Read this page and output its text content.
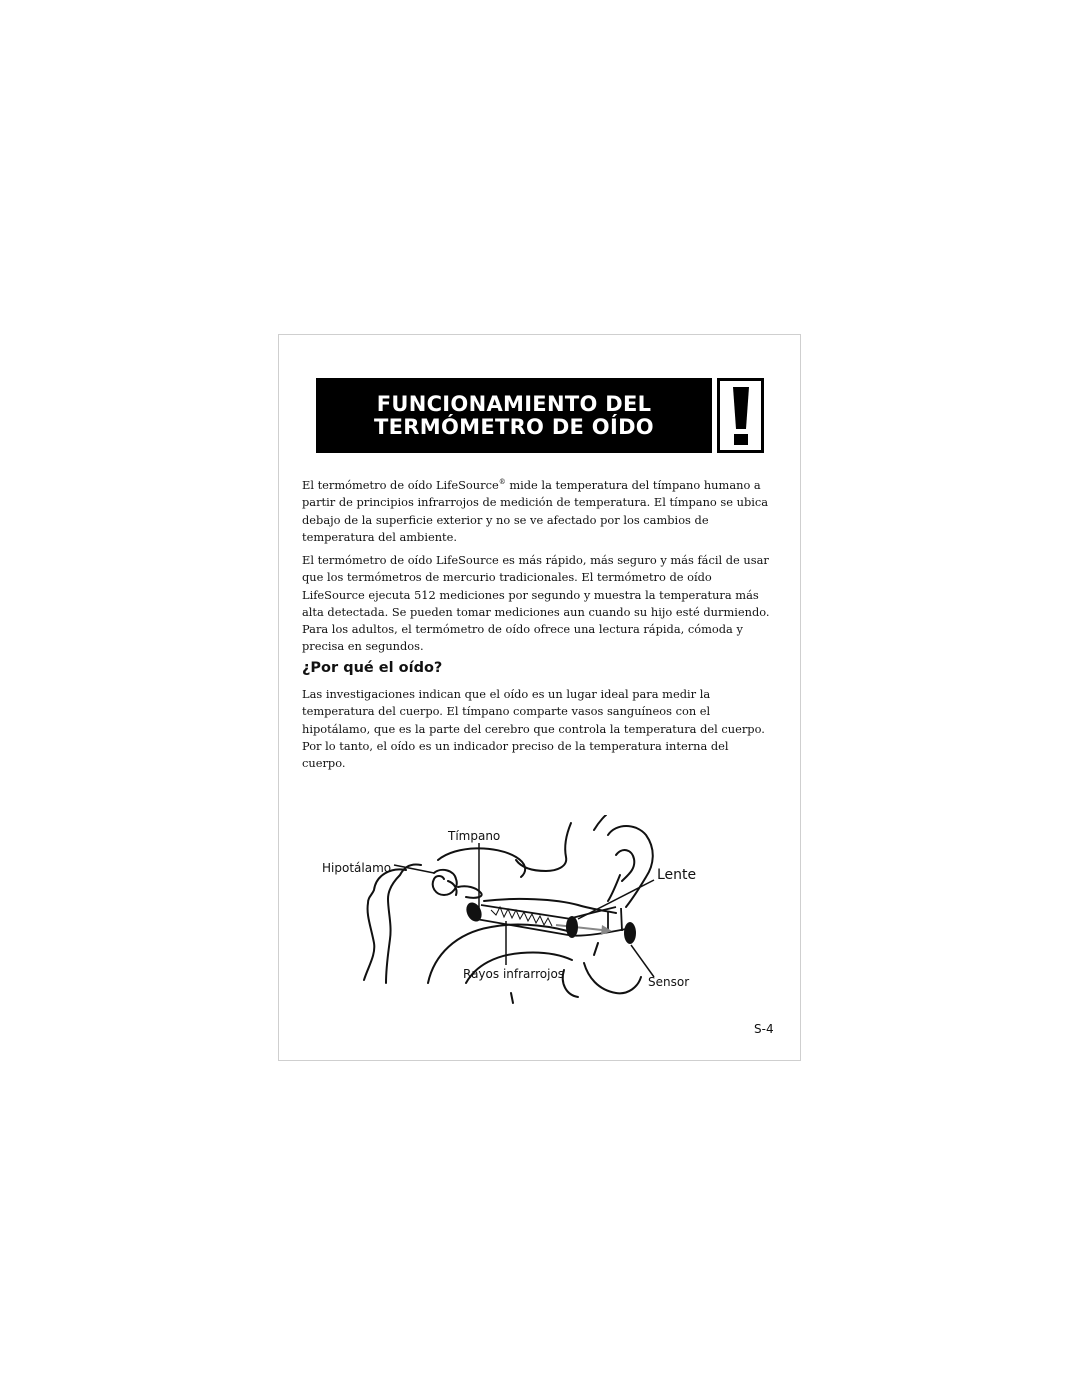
FUNCIONAMIENTO DEL
TERMÓMETRO DE OÍDO

El termómetro de oído LifeSource® mide la temperatura del tímpano humano a partir de principios infrarrojos de medición de temperatura. El tímpano se ubica debajo de la superficie exterior y no se ve afectado por los cambios de temperatura del ambiente.

El termómetro de oído LifeSource es más rápido, más seguro y más fácil de usar que los termómetros de mercurio tradicionales. El termómetro de oído LifeSource ejecuta 512 mediciones por segundo y muestra la temperatura más alta detectada. Se pueden tomar mediciones aun cuando su hijo esté durmiendo. Para los adultos, el termómetro de oído ofrece una lectura rápida, cómoda y precisa en segundos.

¿Por qué el oído?

Las investigaciones indican que el oído es un lugar ideal para medir la temperatura del cuerpo. El tímpano comparte vasos sanguíneos con el hipotálamo, que es la parte del cerebro que controla la temperatura del cuerpo. Por lo tanto, el oído es un indicador preciso de la temperatura interna del cuerpo.

Tímpano
Hipotálamo	Lente
Rayos infrarrojos
Sensor
S-4
